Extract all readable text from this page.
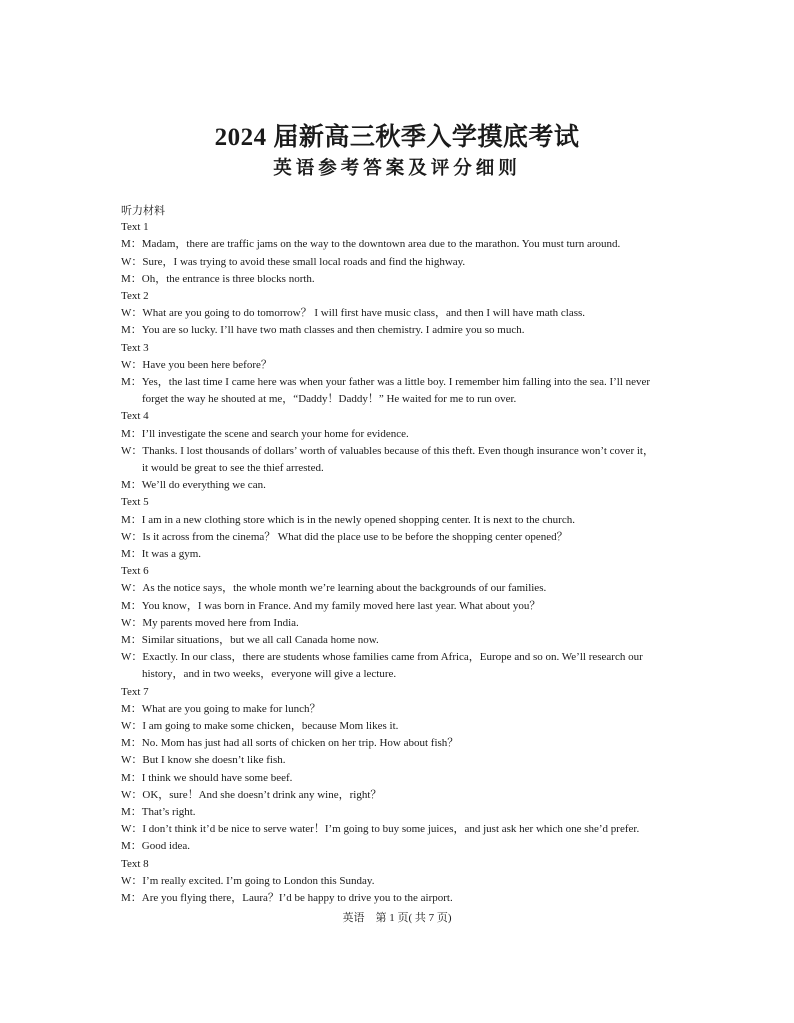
2024 届新高三秋季入学摸底考试
英语参考答案及评分细则
听力材料
Text 1
M：Madam，there are traffic jams on the way to the downtown area due to the marathon. You must turn around.
W：Sure，I was trying to avoid these small local roads and find the highway.
M：Oh，the entrance is three blocks north.
Text 2
W：What are you going to do tomorrow？ I will first have music class，and then I will have math class.
M：You are so lucky. I’ll have two math classes and then chemistry. I admire you so much.
Text 3
W：Have you been here before？
M：Yes，the last time I came here was when your father was a little boy. I remember him falling into the sea. I’ll never
forget the way he shouted at me，“Daddy！Daddy！” He waited for me to run over.
Text 4
M：I’ll investigate the scene and search your home for evidence.
W：Thanks. I lost thousands of dollars’ worth of valuables because of this theft. Even though insurance won’t cover it，
it would be great to see the thief arrested.
M：We’ll do everything we can.
Text 5
M：I am in a new clothing store which is in the newly opened shopping center. It is next to the church.
W：Is it across from the cinema？ What did the place use to be before the shopping center opened？
M：It was a gym.
Text 6
W：As the notice says，the whole month we’re learning about the backgrounds of our families.
M：You know，I was born in France. And my family moved here last year. What about you？
W：My parents moved here from India.
M：Similar situations，but we all call Canada home now.
W：Exactly. In our class，there are students whose families came from Africa，Europe and so on. We’ll research our
history，and in two weeks，everyone will give a lecture.
Text 7
M：What are you going to make for lunch？
W：I am going to make some chicken，because Mom likes it.
M：No. Mom has just had all sorts of chicken on her trip. How about fish？
W：But I know she doesn’t like fish.
M：I think we should have some beef.
W：OK，sure！And she doesn’t drink any wine，right？
M：That’s right.
W：I don’t think it’d be nice to serve water！I’m going to buy some juices，and just ask her which one she’d prefer.
M：Good idea.
Text 8
W：I’m really excited. I’m going to London this Sunday.
M：Are you flying there，Laura？I’d be happy to drive you to the airport.
英语　第 1 页( 共 7 页)
